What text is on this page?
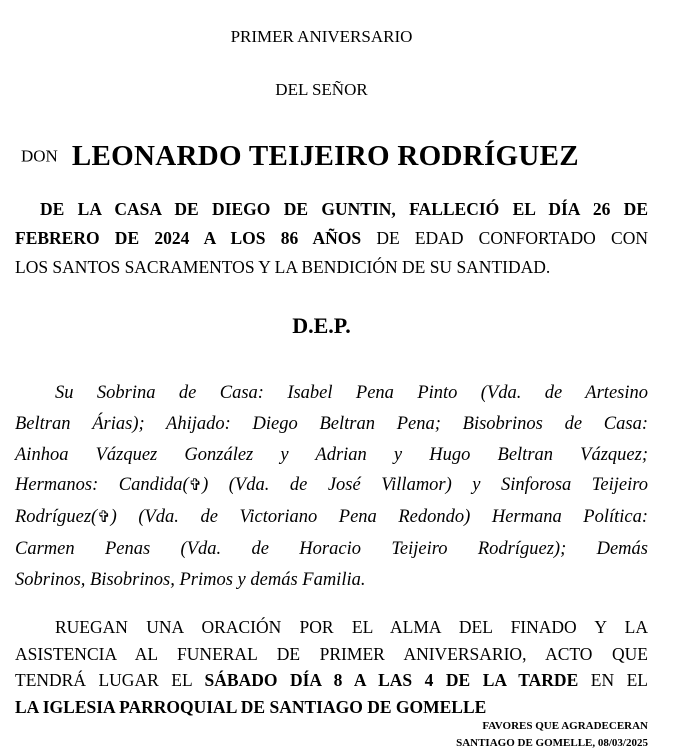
PRIMER ANIVERSARIO
DEL SEÑOR
DON LEONARDO TEIJEIRO RODRÍGUEZ
DE LA CASA DE DIEGO DE GUNTIN, FALLECIÓ EL DÍA 26 DE
FEBRERO DE 2024 A LOS 86 AÑOS DE EDAD CONFORTADO CON
LOS SANTOS SACRAMENTOS Y LA BENDICIÓN DE SU SANTIDAD.
D.E.P.
Su Sobrina de Casa: Isabel Pena Pinto (Vda. de Artesino
Beltran Árias); Ahijado: Diego Beltran Pena; Bisobrinos de Casa:
Ainhoa Vázquez González y Adrian y Hugo Beltran Vázquez;
Hermanos: Candida(✞) (Vda. de José Villamor) y Sinforosa Teijeiro
Rodríguez(✞) (Vda. de Victoriano Pena Redondo) Hermana Política:
Carmen Penas (Vda. de Horacio Teijeiro Rodríguez); Demás
Sobrinos, Bisobrinos, Primos y demás Familia.
RUEGAN UNA ORACIÓN POR EL ALMA DEL FINADO Y LA
ASISTENCIA AL FUNERAL DE PRIMER ANIVERSARIO, ACTO QUE
TENDRÁ LUGAR EL SÁBADO DÍA 8 A LAS 4 DE LA TARDE EN EL
LA IGLESIA PARROQUIAL DE SANTIAGO DE GOMELLE
FAVORES QUE AGRADECERAN
SANTIAGO DE GOMELLE, 08/03/2025
